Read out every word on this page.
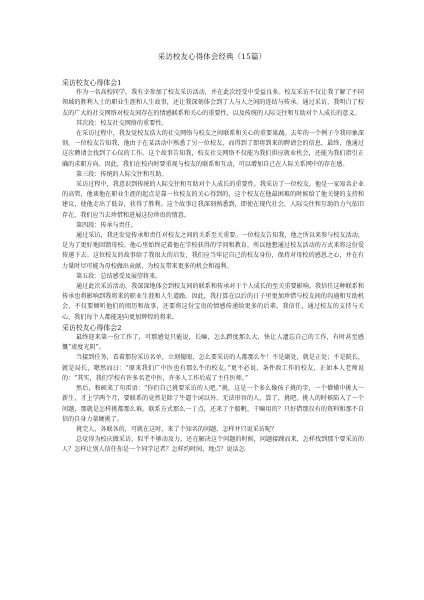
采访校友心得体会经典（15篇）
采访校友心得体会1
作为一名高校同学，我有幸参加了校友采访活动，并在此次经受中受益良多。校友采访不仅让我了解了不同领域的胜利人士的职业生涯和人生故事，还让我深刻体会到了人与人之间的连结与传承。通过采访，我明白了校友的广大的社交网络对校友间存在的情感联系和关心的重要性，以及传统的人际交往和互助对个人成长的意义。
其次段：校友社交网络的重要性。
在采访过程中，我发觉校友浩大的社交网络与校友之间联系和关心的重要果蔬。去年的一个例子令我印象深刻。一位校友告知我，他由于在某活动中熟悉了另一位校友，而得到了即将到来的聘请会的信息，最终，他通过这次聘请会找到了心仪的工作。这个故事告知我，校友社交网络不仅能为我们供应就业机会，还能为我们指引正确的求职方向。因此，我们在校内时要重视与校友的联系和互动，可以增加自己在人际关系网中的存在感。
第三段：传统的人际交往和互助。
采访过程中，我意识到传统的人际交往和互助对个人成长的重要性。我采访了一位校友，他是一家知名企业的高管，他谈他在职业生涯的起点是靠一位校友的关心得到的，这个校友在他最困难的时候给了他关键的支持和建议，使他走出了低谷，获得了胜利。这个故事让我深刻熟悉到，即使在现代社会，人际交往和互助的力气依旧存在，我们应当去珍惜和进展这份珍贵的情意。
第四段：传承与责任。
通过采访，我还发觉传承和责任对校友之间的关系至关重要。一位校友告知我，他之所以来参与校友活动，是为了更好地回馈母校。他心里始终记着他在学校获得的学问和教育，所以他想通过校友活动的方式来将这份爱传递下去。这位校友的故事给了我很大的启发，我们应当牢记自己的校友身份，保持对母校的感恩之心，并在有力量时尽可能为母校做出贡献，为校友带来更多的机会和福利。
第五段：总结感受及展望将来。
通过此次采访活动，我深深地体会到校友间的联系和传承对于个人成长的至关重要影响。我信任这种联系和传承也将影响到我将来的职业生涯和人生道路。因此，我打算在以后的日子里更加珍惜与校友间的沟通和互助机会，不仅要倾听他们的阅历和故事，还要将这份宝贵的情感传递给更多的后辈。我信任，通过校友的支持与关心，我们每个人都能迎向更加辉煌的将来。
采访校友心得体会2
最终迎来第一份工作了，可那感觉只能说，长嘛，怎么跨度那么大，快让人遗忘自己的工作，有时甚至感慨“虚度光阴”。
当接到任务，看着那份采访名单，立刻傻眼，怎么要采访的人都那么牛！不是副处，就是正处；不是院长，就是局长，嗯然而曰：“原来我们广中医也有那么牛的校友。”更不必说，条件政工作的校友，正如本人老师说的：“其实，我们学校有许多名老中医，许多人工作后成了主任医师。”
然后，和硕来了句雷语：“你们自己挑要采访的人吧。”挑，这是一个多么像孩子挑的字，一个懵懂中挑大一新生，才上学两个月，要联系的竟然是除了牛逼个词以外，无法形容的人，算了，挑吧。挑人的时候陷入了一个问题，那就是怎样挑都那么难。联系方式那么一丁点，还来了个船帆，干嘛用的？只好借那仅有的资料和那不自信的自身力量硬挑了。
挑完人，各联各的，可就在这时，来了个知名的问题，怎样并只说采访呢？
总觉得为校庆做采访，似乎不够动及力，还在解决这个问题的时候，问题接踵而来，怎样找到那个要采访的人？怎样让别人信任你是一个同学记者？怎样约时间、地点？说话怎
